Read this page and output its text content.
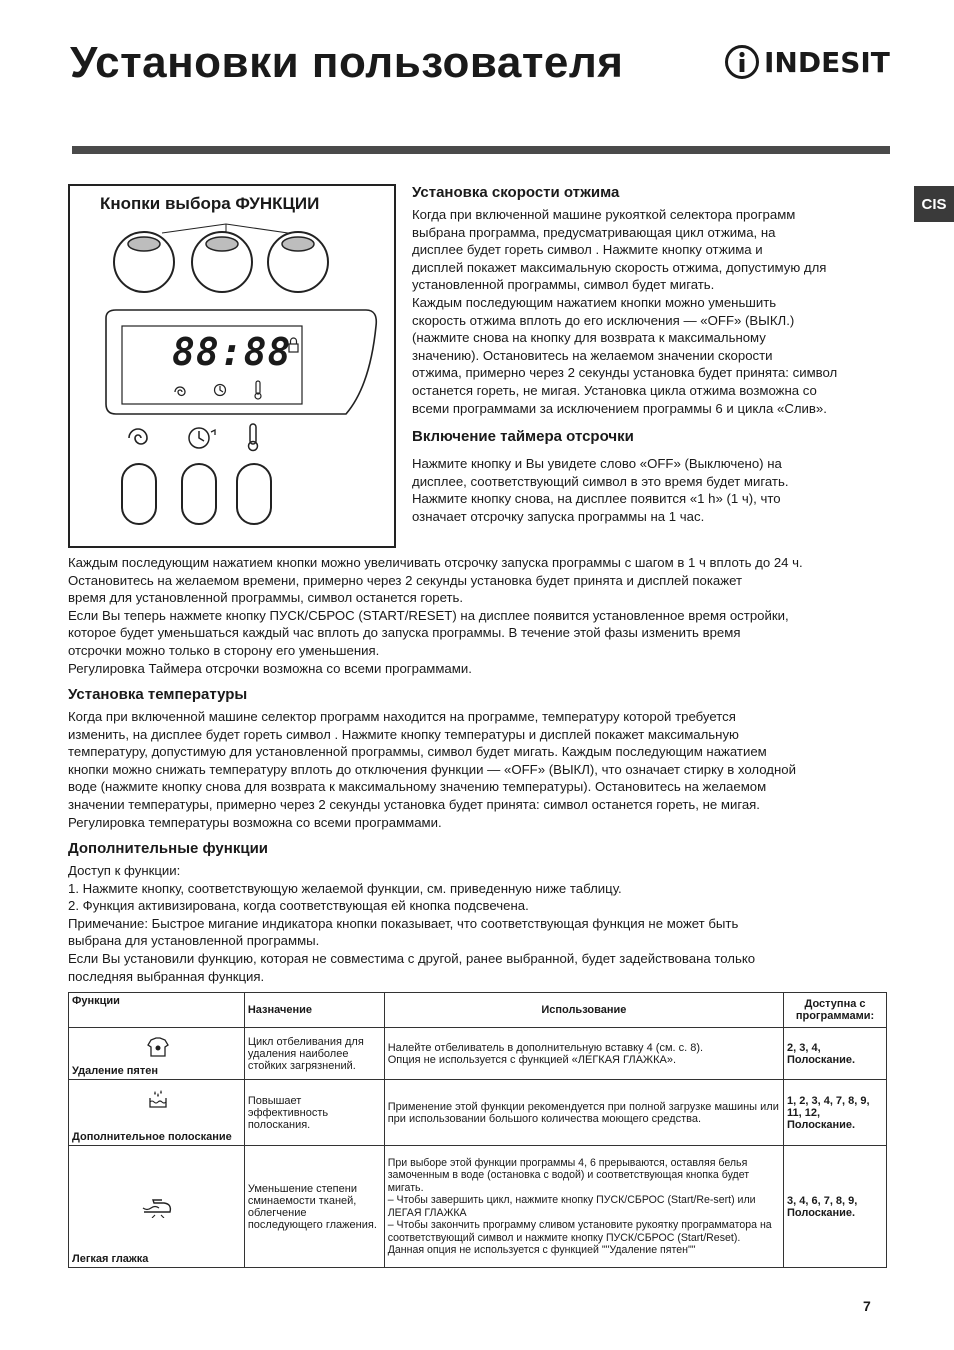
Установки пользователя	INDESIT
CIS
Кнопки выбора ФУНКЦИИ
88:88
Установка скорости отжима
Когда при включенной машине рукояткой селектора программ
выбрана программа, предусматривающая цикл отжима, на
дисплее будет гореть символ . Нажмите кнопку отжима и
дисплей покажет максимальную скорость отжима, допустимую для
установленной программы, символ будет мигать.
Каждым последующим нажатием кнопки можно уменьшить
скорость отжима вплоть до его исключения — «OFF» (ВЫКЛ.)
(нажмите снова на кнопку для возврата к максимальному
значению). Остановитесь на желаемом значении скорости
отжима, примерно через 2 секунды установка будет принята: символ
останется гореть, не мигая. Установка цикла отжима возможна со
всеми программами за исключением программы 6 и цикла «Слив».
Включение таймера отсрочки
Нажмите кнопку и Вы увидете слово «OFF» (Выключено) на
дисплее, соответствующий символ в это время будет мигать.
Нажмите кнопку снова, на дисплее появится «1 h» (1 ч), что
означает отсрочку запуска программы на 1 час.
Каждым последующим нажатием кнопки можно увеличивать отсрочку запуска программы с шагом в 1 ч вплоть до 24 ч.
Остановитесь на желаемом времени, примерно через 2 секунды установка будет принята и дисплей покажет
время для установленной программы, символ останется гореть.
Если Вы теперь нажмете кнопку ПУСК/СБРОС (START/RESET) на дисплее появится установленное время остройки,
которое будет уменьшаться каждый час вплоть до запуска программы. В течение этой фазы изменить время
отсрочки можно только в сторону его уменьшения.
Регулировка Таймера отсрочки возможна со всеми программами.
Установка температуры
Когда при включенной машине селектор программ находится на программе, температуру которой требуется
изменить, на дисплее будет гореть символ . Нажмите кнопку температуры и дисплей покажет максимальную
температуру, допустимую для установленной программы, символ будет мигать. Каждым последующим нажатием
кнопки можно снижать температуру вплоть до отключения функции — «OFF» (ВЫКЛ), что означает стирку в холодной
воде (нажмите кнопку снова для возврата к максимальному значению температуры). Остановитесь на желаемом
значении температуры, примерно через 2 секунды установка будет принята: символ останется гореть, не мигая.
Регулировка температуры возможна со всеми программами.
Дополнительные функции
Доступ к функции:
1. Нажмите кнопку, соответствующую желаемой функции, см. приведенную ниже таблицу.
2. Функция активизирована, когда соответствующая ей кнопка подсвечена.
Примечание: Быстрое мигание индикатора кнопки показывает, что соответствующая функция не может быть
выбрана для установленной программы.
Если Вы установили функцию, которая не совместима с другой, ранее выбранной, будет задействована только
последняя выбранная функция.
Функции	Назначение	Использование	Доступна с программами:

Удаление пятен	Цикл отбеливания для удаления наиболее стойких загрязнений.	Налейте отбеливатель в дополнительную вставку 4 (см. с. 8).
Опция не используется с функцией «ЛЕГКАЯ ГЛАЖКА».	2, 3, 4, Полоскание.

Дополнительное полоскание	Повышает эффективность полоскания.	Применение этой функции рекомендуется при полной загрузке машины или при использовании большого количества моющего средства.	1, 2, 3, 4, 7, 8, 9, 11, 12, Полоскание.

Легкая глажка	Уменьшение степени сминаемости тканей, облегчение последующего глажения.	При выборе этой функции программы 4, 6 прерываются, оставляя белья замоченным в воде (остановка с водой) и соответствующая кнопка будет мигать.
– Чтобы завершить цикл, нажмите кнопку ПУСК/СБРОС (Start/Re-sert) или ЛЕГАЯ ГЛАЖКА
– Чтобы закончить программу сливом установите рукоятку программатора на соответствующий символ и нажмите кнопку ПУСК/СБРОС (Start/Reset).
Данная опция не используется с функцией ""Удаление пятен""	3, 4, 6, 7, 8, 9, Полоскание.
7
